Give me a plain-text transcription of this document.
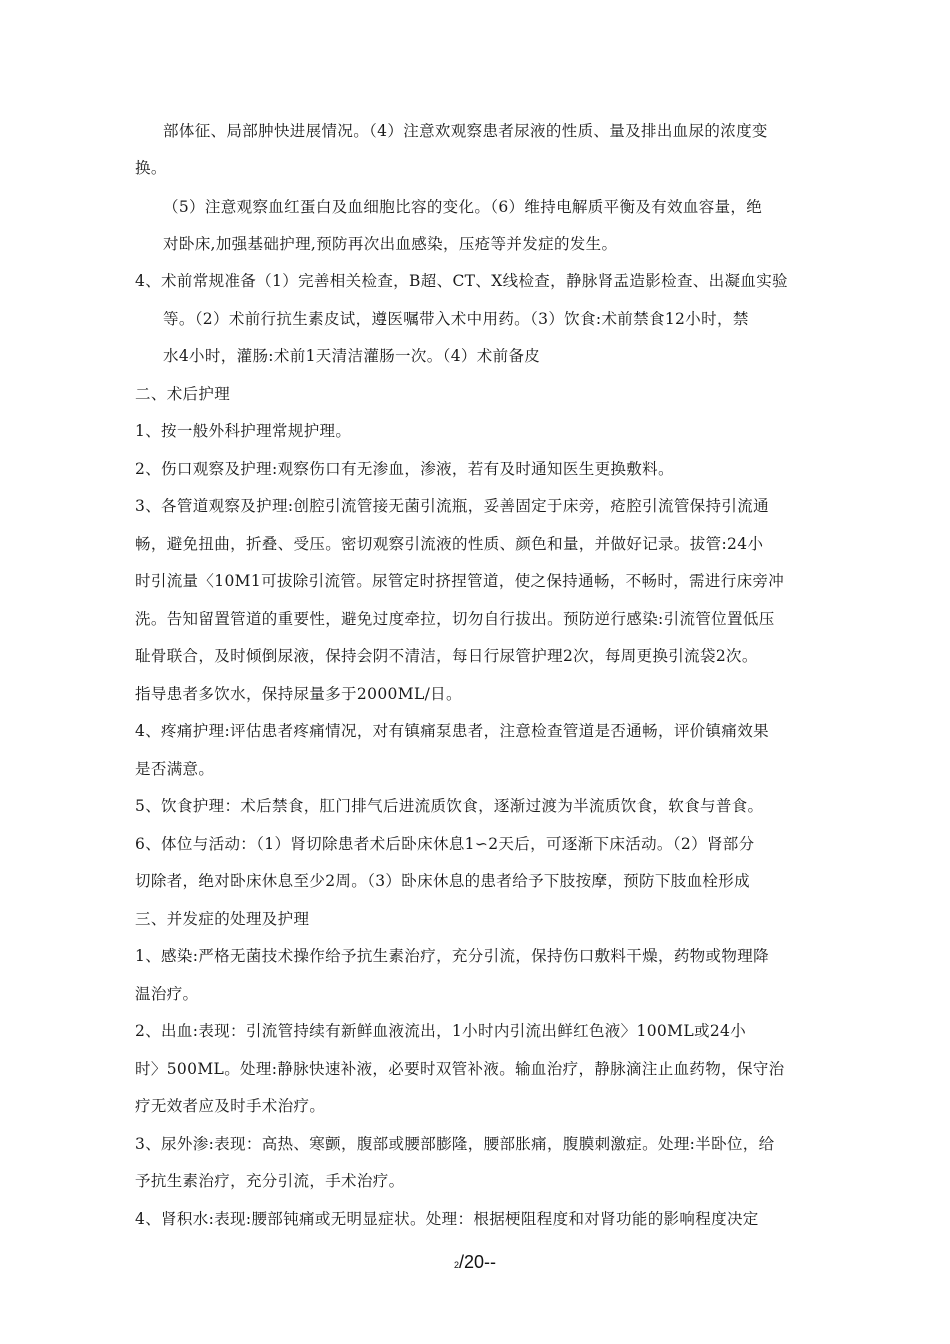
部体征、局部肿快进展情况。（4）注意欢观察患者尿液的性质、量及排出血尿的浓度变
换。
（5）注意观察血红蛋白及血细胞比容的变化。（6）维持电解质平衡及有效血容量，绝
对卧床,加强基础护理,预防再次出血感染，压疮等并发症的发生。
4、术前常规准备（1）完善相关检查，B超、CT、X线检查，静脉肾盂造影检查、出凝血实验
等。（2）术前行抗生素皮试，遵医嘱带入术中用药。（3）饮食:术前禁食12小时，禁
水4小时，灌肠:术前1天清洁灌肠一次。（4）术前备皮
二、术后护理
1、按一般外科护理常规护理。
2、伤口观察及护理:观察伤口有无渗血，渗液，若有及时通知医生更换敷料。
3、各管道观察及护理:创腔引流管接无菌引流瓶，妥善固定于床旁，疮腔引流管保持引流通
畅，避免扭曲，折叠、受压。密切观察引流液的性质、颜色和量，并做好记录。拔管:24小
时引流量〈10M1可拔除引流管。尿管定时挤捏管道，使之保持通畅，不畅时，需进行床旁冲
洗。告知留置管道的重要性，避免过度牵拉，切勿自行拔出。预防逆行感染:引流管位置低压
耻骨联合，及时倾倒尿液，保持会阴不清洁，每日行尿管护理2次，每周更换引流袋2次。
指导患者多饮水，保持尿量多于2000ML/日。
4、疼痛护理:评估患者疼痛情况，对有镇痛泵患者，注意检查管道是否通畅，评价镇痛效果
是否满意。
5、饮食护理：术后禁食，肛门排气后进流质饮食，逐渐过渡为半流质饮食，软食与普食。
6、体位与活动：（1）肾切除患者术后卧床休息1∽2天后，可逐渐下床活动。（2）肾部分
切除者，绝对卧床休息至少2周。（3）卧床休息的患者给予下肢按摩，预防下肢血栓形成
三、并发症的处理及护理
1、感染:严格无菌技术操作给予抗生素治疗，充分引流，保持伤口敷料干燥，药物或物理降
温治疗。
2、出血:表现：引流管持续有新鲜血液流出，1小时内引流出鲜红色液〉100ML或24小
时〉500ML。处理:静脉快速补液，必要时双管补液。输血治疗，静脉滴注止血药物，保守治
疗无效者应及时手术治疗。
3、尿外渗:表现：高热、寒颤，腹部或腰部膨隆，腰部胀痛，腹膜刺激症。处理:半卧位，给
予抗生素治疗，充分引流，手术治疗。
4、肾积水:表现:腰部钝痛或无明显症状。处理：根据梗阻程度和对肾功能的影响程度决定
2/20--
